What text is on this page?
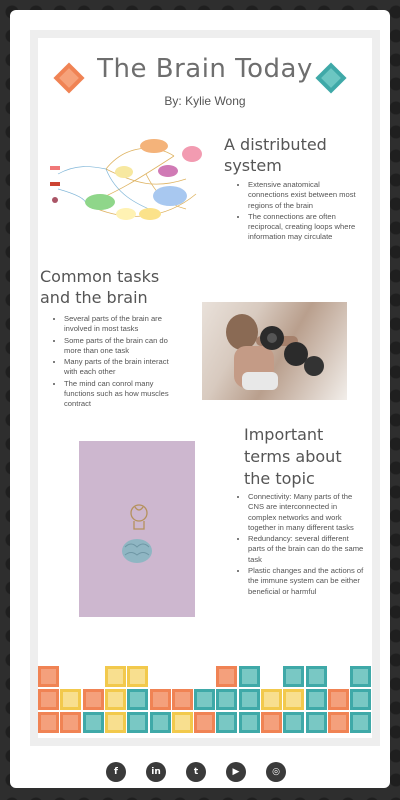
The Brain Today
By: Kylie Wong
A distributed system
• Extensive anatomical connections exist between most regions of the brain
• The connections are often reciprocal, creating loops where information may circulate
Common tasks and the brain
• Several parts of the brain are involved in most tasks
• Some parts of the brain can do more than one task
• Many parts of the brain interact with each other
• The mind can conrol many functions such as how muscles contract
Important terms about the topic
• Connectivity: Many parts of the CNS are interconnected in complex networks and work together in many different tasks
• Redundancy: several different parts of the brain can do the same task
• Plastic changes and the actions of the immune system can be either beneficial or harmful
f	in	t	▶	◎
